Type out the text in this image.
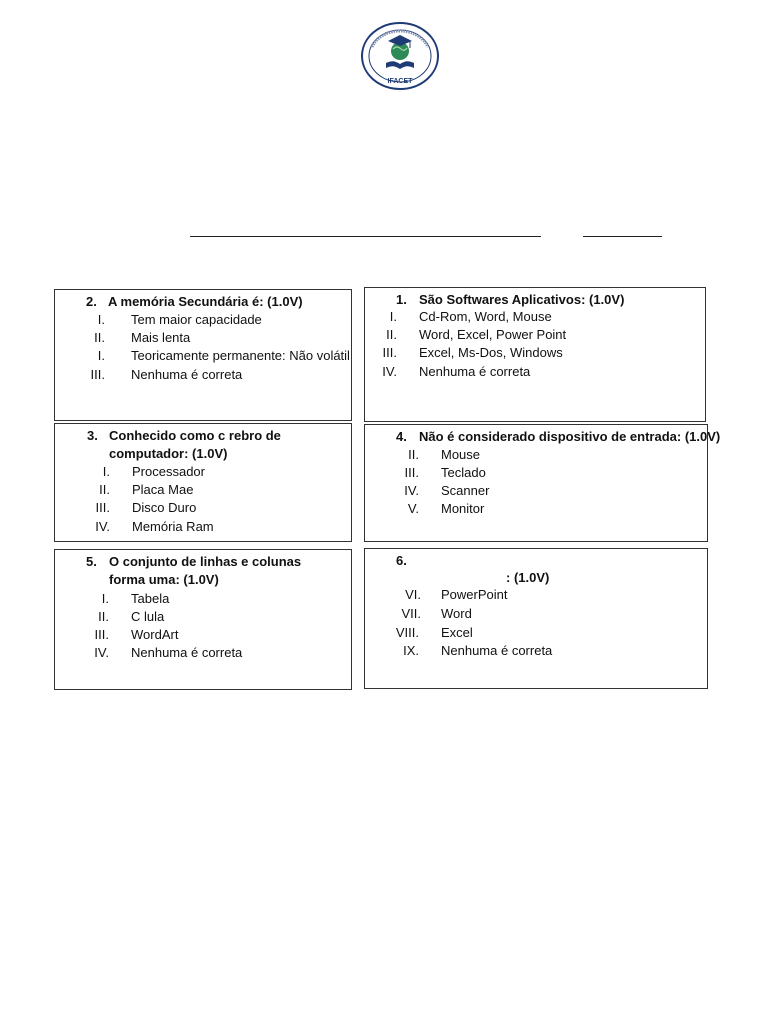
IFACET
2. A memória Secundária é: (1.0V)
I. Tem maior capacidade
II. Mais lenta
I. Teoricamente permanente: Não volátil
III. Nenhuma é correta
1. São Softwares Aplicativos: (1.0V)
I. Cd-Rom, Word, Mouse
II. Word, Excel, Power Point
III. Excel, Ms-Dos, Windows
IV. Nenhuma é correta
3. Conhecido como c rebro de
computador: (1.0V)
I. Processador
II. Placa Mae
III. Disco Duro
IV. Memória Ram
4. Não é considerado dispositivo de entrada: (1.0V)
II. Mouse
III. Teclado
IV. Scanner
V. Monitor
5. O conjunto de linhas e colunas
forma uma: (1.0V)
I. Tabela
II. C lula
III. WordArt
IV. Nenhuma é correta
6.
: (1.0V)
VI. PowerPoint
VII. Word
VIII. Excel
IX. Nenhuma é correta
